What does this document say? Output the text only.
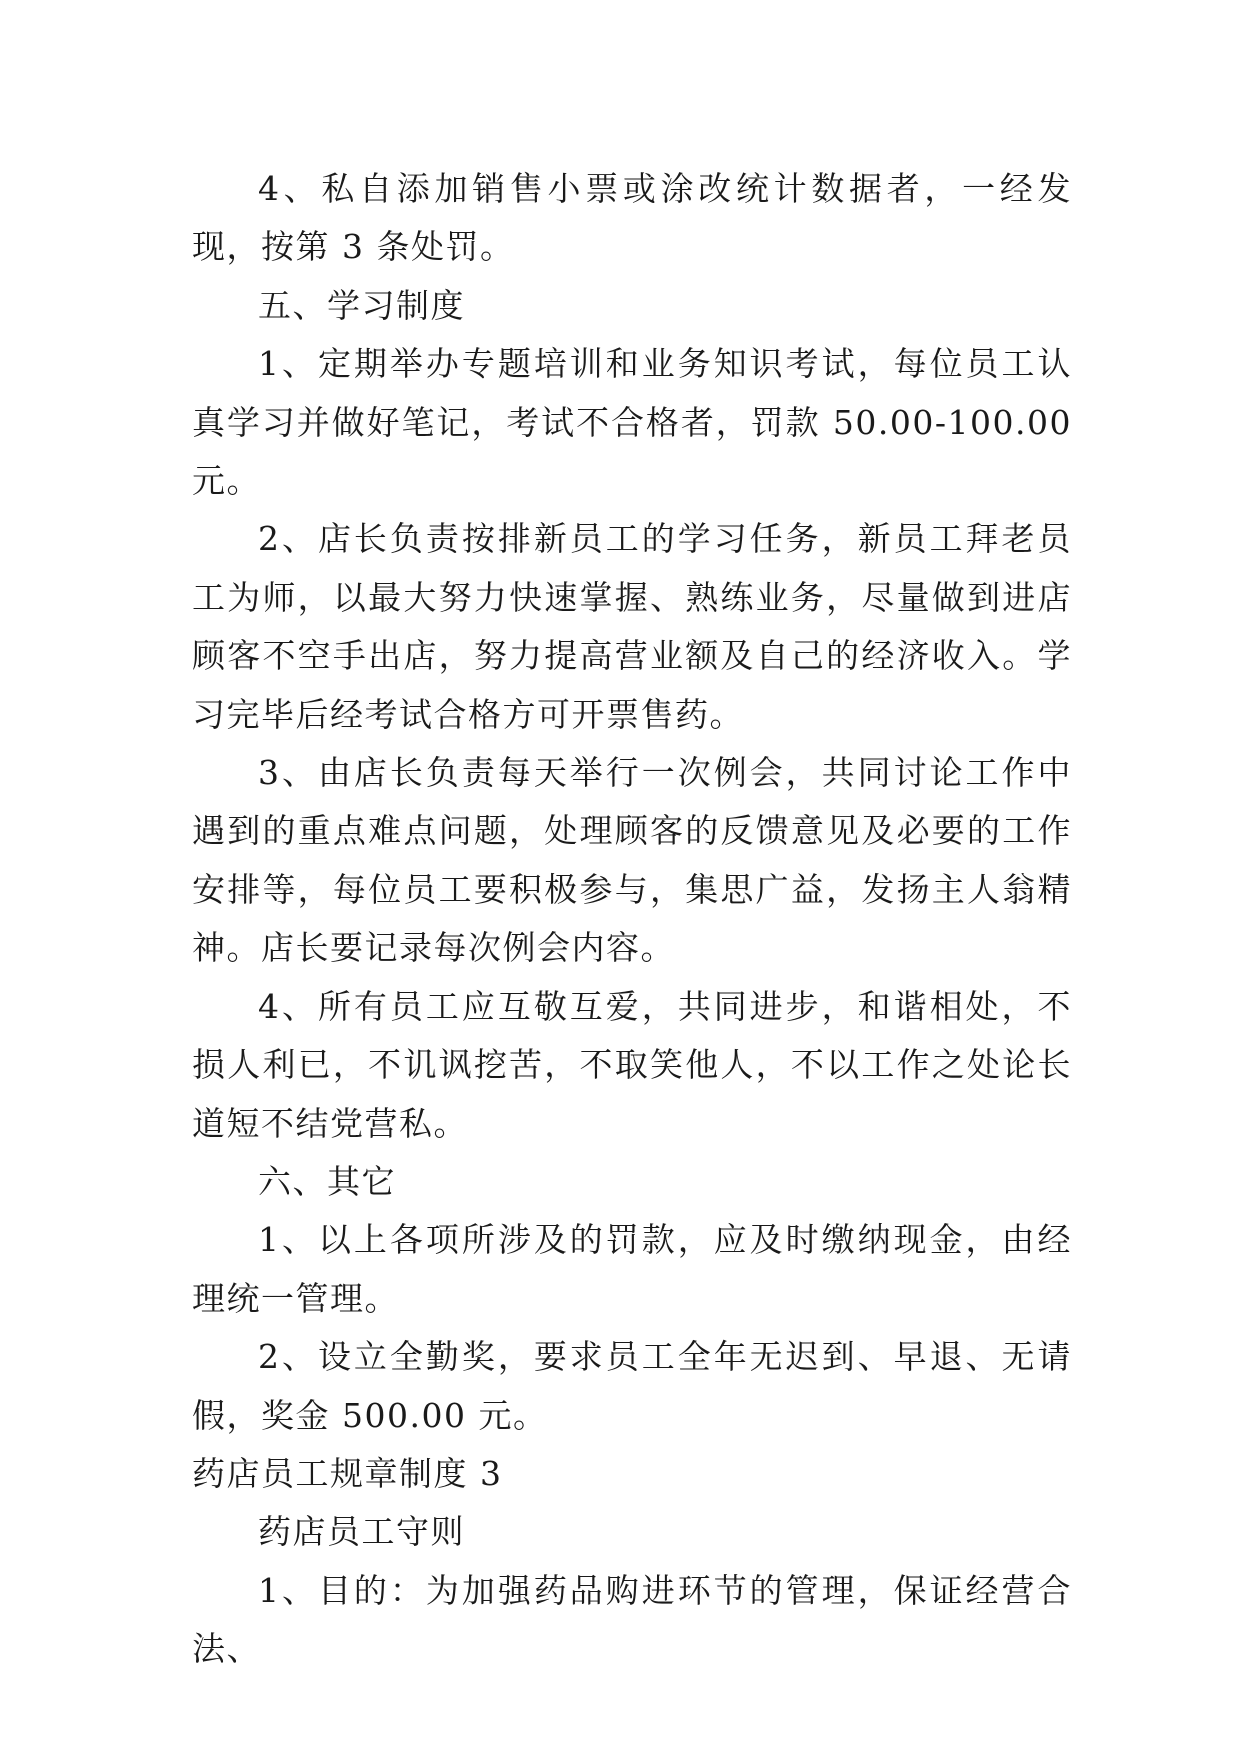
4、私自添加销售小票或涂改统计数据者，一经发现，按第 3 条处罚。

五、学习制度

1、定期举办专题培训和业务知识考试，每位员工认真学习并做好笔记，考试不合格者，罚款 50.00-100.00 元。

2、店长负责按排新员工的学习任务，新员工拜老员工为师，以最大努力快速掌握、熟练业务，尽量做到进店顾客不空手出店，努力提高营业额及自己的经济收入。学习完毕后经考试合格方可开票售药。

3、由店长负责每天举行一次例会，共同讨论工作中遇到的重点难点问题，处理顾客的反馈意见及必要的工作安排等，每位员工要积极参与，集思广益，发扬主人翁精神。店长要记录每次例会内容。

4、所有员工应互敬互爱，共同进步，和谐相处，不损人利已，不讥讽挖苦，不取笑他人，不以工作之处论长道短不结党营私。

六、其它

1、以上各项所涉及的罚款，应及时缴纳现金，由经理统一管理。

2、设立全勤奖，要求员工全年无迟到、早退、无请假，奖金 500.00 元。

药店员工规章制度 3

药店员工守则

1、目的：为加强药品购进环节的管理，保证经营合法、
